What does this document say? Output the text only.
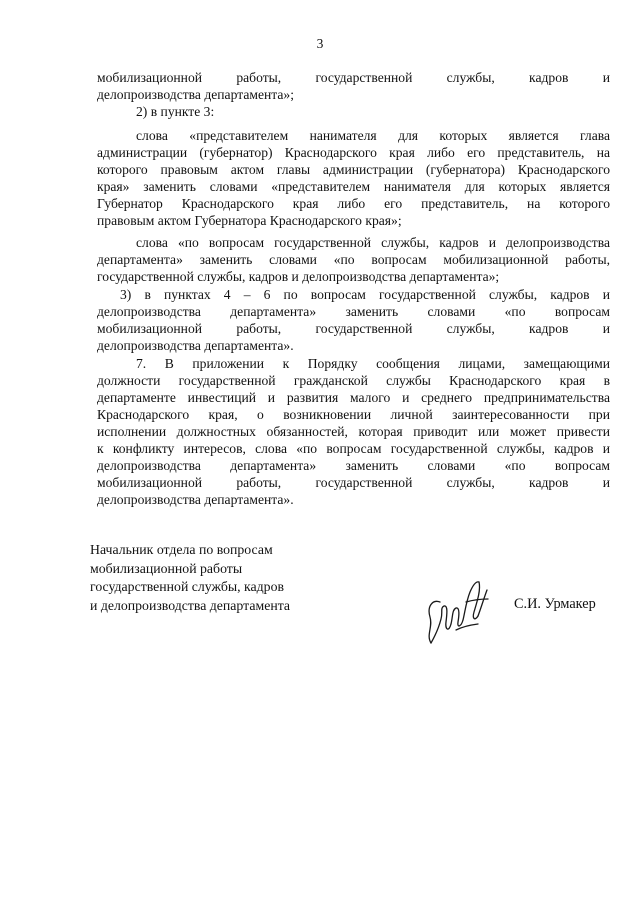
3
мобилизационной работы, государственной службы, кадров и
делопроизводства департамента»;
2) в пункте 3:
слова «представителем нанимателя для которых является глава
администрации (губернатор) Краснодарского края либо его представитель, на
которого правовым актом главы администрации (губернатора) Краснодарского
края» заменить словами «представителем нанимателя для которых является
Губернатор Краснодарского края либо его представитель, на которого
правовым актом Губернатора Краснодарского края»;
слова «по вопросам государственной службы, кадров и делопроизводства
департамента» заменить словами «по вопросам мобилизационной работы,
государственной службы, кадров и делопроизводства департамента»;
3) в пунктах 4 – 6 по вопросам государственной службы, кадров и
делопроизводства департамента» заменить словами «по вопросам
мобилизационной работы, государственной службы, кадров и
делопроизводства департамента».
7. В приложении к Порядку сообщения лицами, замещающими
должности государственной гражданской службы Краснодарского края в
департаменте инвестиций и развития малого и среднего предпринимательства
Краснодарского края, о возникновении личной заинтересованности при
исполнении должностных обязанностей, которая приводит или может привести
к конфликту интересов, слова «по вопросам государственной службы, кадров и
делопроизводства департамента» заменить словами «по вопросам
мобилизационной работы, государственной службы, кадров и
делопроизводства департамента».
Начальник отдела по вопросам
мобилизационной работы
государственной службы, кадров
и делопроизводства департамента	С.И. Урмакер
